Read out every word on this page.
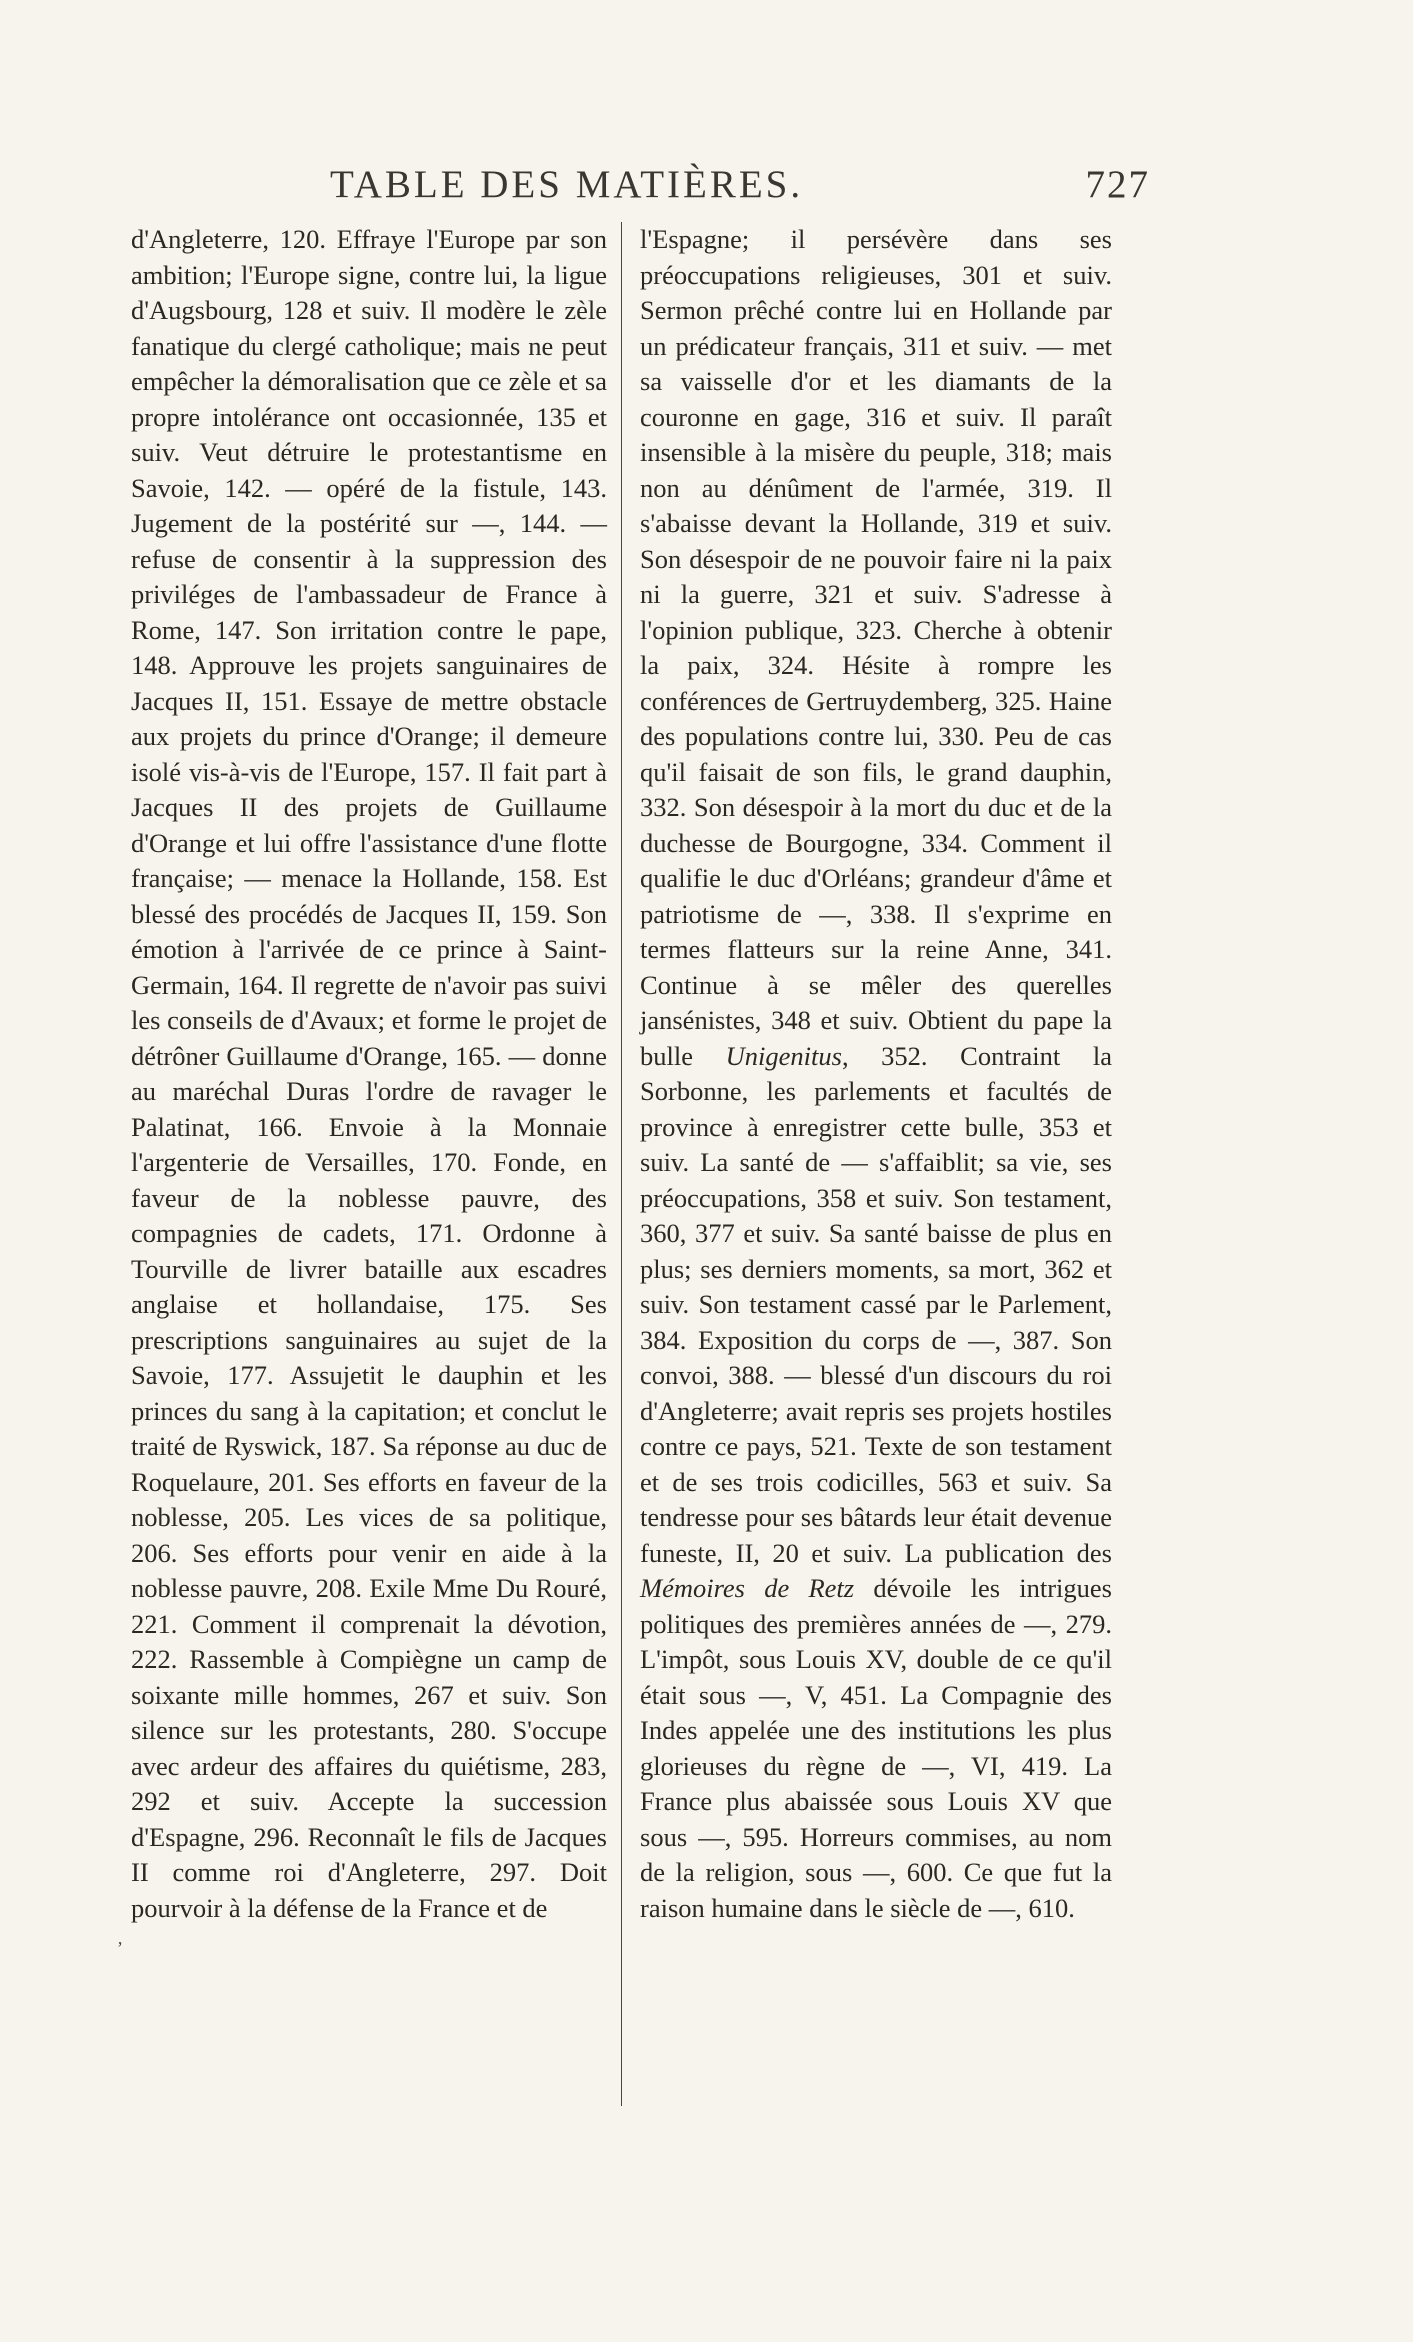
TABLE DES MATIÈRES.	727

d'Angleterre, 120. Effraye l'Europe par son ambition; l'Europe signe, contre lui, la ligue d'Augsbourg, 128 et suiv. Il modère le zèle fanatique du clergé catholique; mais ne peut empêcher la démoralisation que ce zèle et sa propre intolérance ont occasionnée, 135 et suiv. Veut détruire le protestantisme en Savoie, 142. — opéré de la fistule, 143. Jugement de la postérité sur —, 144. — refuse de consentir à la suppression des priviléges de l'ambassadeur de France à Rome, 147. Son irritation contre le pape, 148. Approuve les projets sanguinaires de Jacques II, 151. Essaye de mettre obstacle aux projets du prince d'Orange; il demeure isolé vis-à-vis de l'Europe, 157. Il fait part à Jacques II des projets de Guillaume d'Orange et lui offre l'assistance d'une flotte française; — menace la Hollande, 158. Est blessé des procédés de Jacques II, 159. Son émotion à l'arrivée de ce prince à Saint-Germain, 164. Il regrette de n'avoir pas suivi les conseils de d'Avaux; et forme le projet de détrôner Guillaume d'Orange, 165. — donne au maréchal Duras l'ordre de ravager le Palatinat, 166. Envoie à la Monnaie l'argenterie de Versailles, 170. Fonde, en faveur de la noblesse pauvre, des compagnies de cadets, 171. Ordonne à Tourville de livrer bataille aux escadres anglaise et hollandaise, 175. Ses prescriptions sanguinaires au sujet de la Savoie, 177. Assujetit le dauphin et les princes du sang à la capitation; et conclut le traité de Ryswick, 187. Sa réponse au duc de Roquelaure, 201. Ses efforts en faveur de la noblesse, 205. Les vices de sa politique, 206. Ses efforts pour venir en aide à la noblesse pauvre, 208. Exile Mme Du Rouré, 221. Comment il comprenait la dévotion, 222. Rassemble à Compiègne un camp de soixante mille hommes, 267 et suiv. Son silence sur les protestants, 280. S'occupe avec ardeur des affaires du quiétisme, 283, 292 et suiv. Accepte la succession d'Espagne, 296. Reconnaît le fils de Jacques II comme roi d'Angleterre, 297. Doit pourvoir à la défense de la France et de

l'Espagne; il persévère dans ses préoccupations religieuses, 301 et suiv. Sermon prêché contre lui en Hollande par un prédicateur français, 311 et suiv. — met sa vaisselle d'or et les diamants de la couronne en gage, 316 et suiv. Il paraît insensible à la misère du peuple, 318; mais non au dénûment de l'armée, 319. Il s'abaisse devant la Hollande, 319 et suiv. Son désespoir de ne pouvoir faire ni la paix ni la guerre, 321 et suiv. S'adresse à l'opinion publique, 323. Cherche à obtenir la paix, 324. Hésite à rompre les conférences de Gertruydemberg, 325. Haine des populations contre lui, 330. Peu de cas qu'il faisait de son fils, le grand dauphin, 332. Son désespoir à la mort du duc et de la duchesse de Bourgogne, 334. Comment il qualifie le duc d'Orléans; grandeur d'âme et patriotisme de —, 338. Il s'exprime en termes flatteurs sur la reine Anne, 341. Continue à se mêler des querelles jansénistes, 348 et suiv. Obtient du pape la bulle Unigenitus, 352. Contraint la Sorbonne, les parlements et facultés de province à enregistrer cette bulle, 353 et suiv. La santé de — s'affaiblit; sa vie, ses préoccupations, 358 et suiv. Son testament, 360, 377 et suiv. Sa santé baisse de plus en plus; ses derniers moments, sa mort, 362 et suiv. Son testament cassé par le Parlement, 384. Exposition du corps de —, 387. Son convoi, 388. — blessé d'un discours du roi d'Angleterre; avait repris ses projets hostiles contre ce pays, 521. Texte de son testament et de ses trois codicilles, 563 et suiv. Sa tendresse pour ses bâtards leur était devenue funeste, II, 20 et suiv. La publication des Mémoires de Retz dévoile les intrigues politiques des premières années de —, 279. L'impôt, sous Louis XV, double de ce qu'il était sous —, V, 451. La Compagnie des Indes appelée une des institutions les plus glorieuses du règne de —, VI, 419. La France plus abaissée sous Louis XV que sous —, 595. Horreurs commises, au nom de la religion, sous —, 600. Ce que fut la raison humaine dans le siècle de —, 610.

‚
